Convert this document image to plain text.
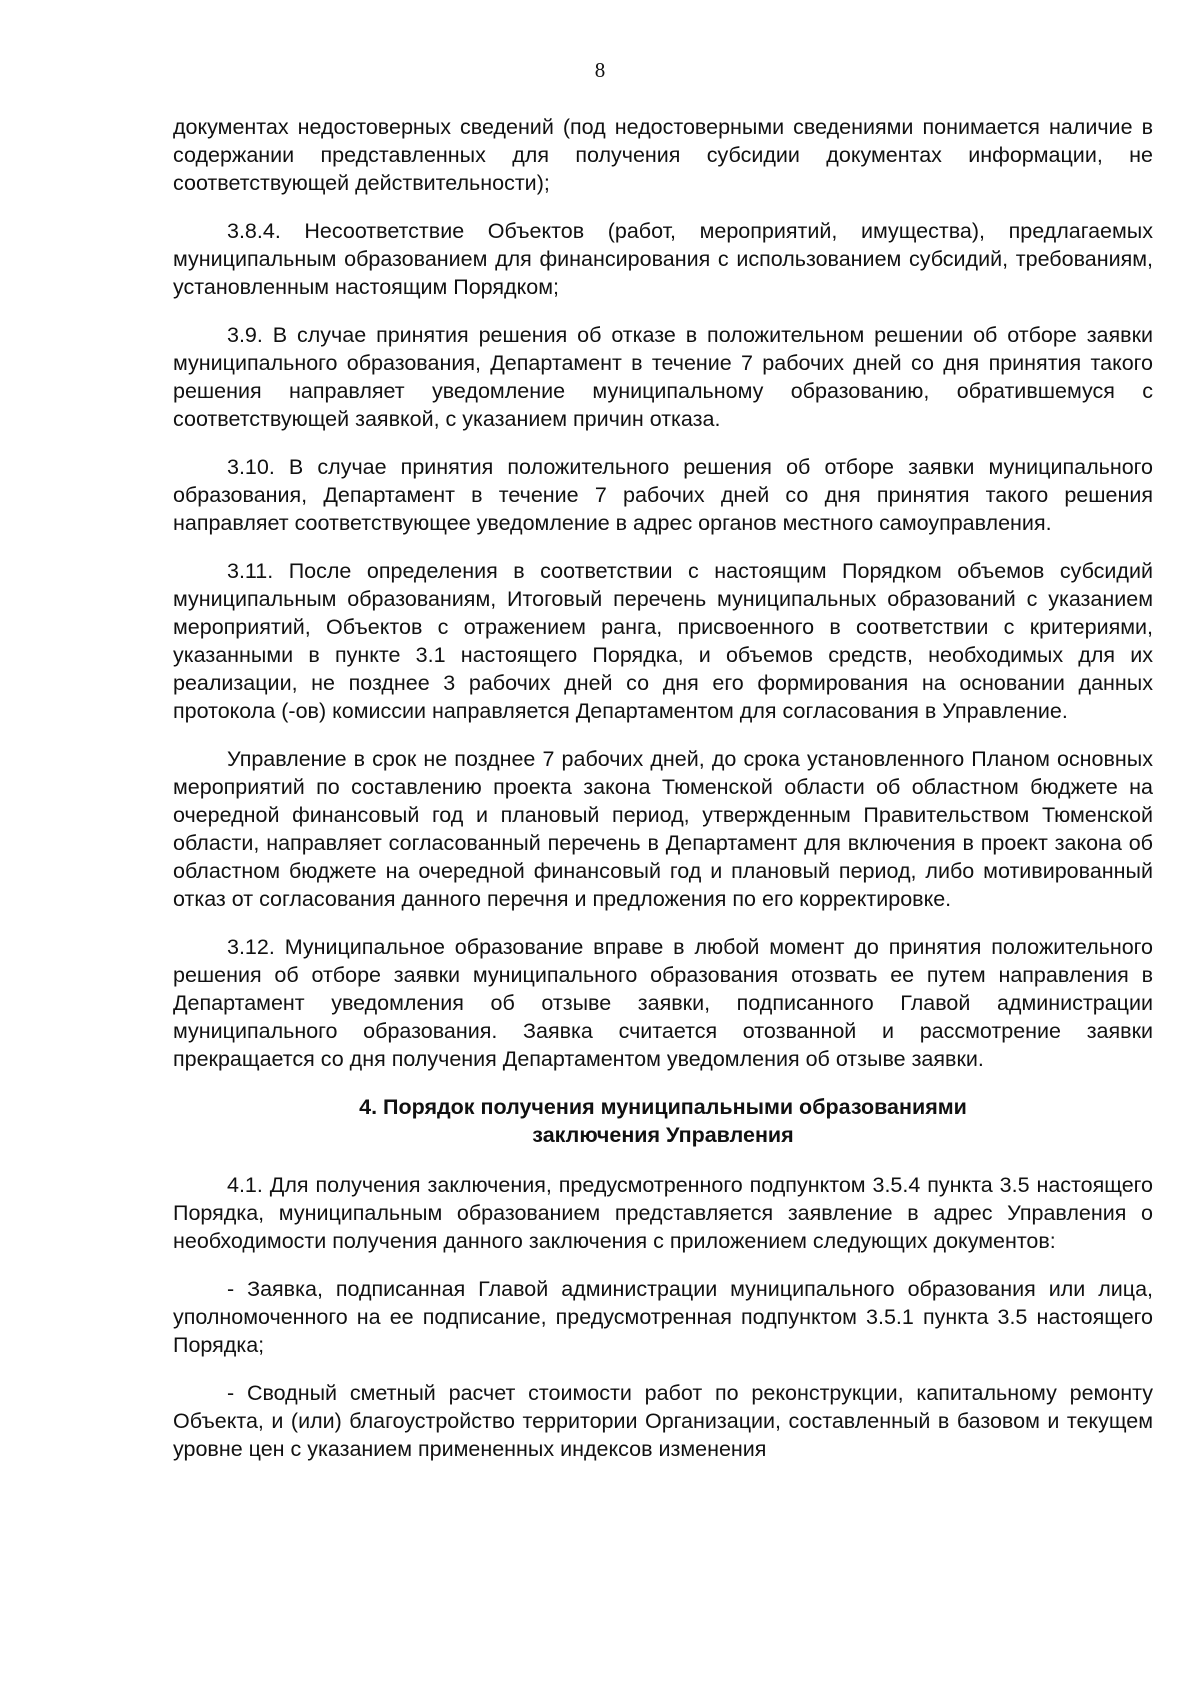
8

документах недостоверных сведений (под недостоверными сведениями понимается наличие в содержании представленных для получения субсидии документах информации, не соответствующей действительности);

3.8.4. Несоответствие Объектов (работ, мероприятий, имущества), предлагаемых муниципальным образованием для финансирования с использованием субсидий, требованиям, установленным настоящим Порядком;

3.9. В случае принятия решения об отказе в положительном решении об отборе заявки муниципального образования, Департамент в течение 7 рабочих дней со дня принятия такого решения направляет уведомление муниципальному образованию, обратившемуся с соответствующей заявкой, с указанием причин отказа.

3.10. В случае принятия положительного решения об отборе заявки муниципального образования, Департамент в течение 7 рабочих дней со дня принятия такого решения направляет соответствующее уведомление в адрес органов местного самоуправления.

3.11. После определения в соответствии с настоящим Порядком объемов субсидий муниципальным образованиям, Итоговый перечень муниципальных образований с указанием мероприятий, Объектов с отражением ранга, присвоенного в соответствии с критериями, указанными в пункте 3.1 настоящего Порядка, и объемов средств, необходимых для их реализации, не позднее 3 рабочих дней со дня его формирования на основании данных протокола (-ов) комиссии направляется Департаментом для согласования в Управление.

Управление в срок не позднее 7 рабочих дней, до срока установленного Планом основных мероприятий по составлению проекта закона Тюменской области об областном бюджете на очередной финансовый год и плановый период, утвержденным Правительством Тюменской области, направляет согласованный перечень в Департамент для включения в проект закона об областном бюджете на очередной финансовый год и плановый период, либо мотивированный отказ от согласования данного перечня и предложения по его корректировке.

3.12. Муниципальное образование вправе в любой момент до принятия положительного решения об отборе заявки муниципального образования отозвать ее путем направления в Департамент уведомления об отзыве заявки, подписанного Главой администрации муниципального образования. Заявка считается отозванной и рассмотрение заявки прекращается со дня получения Департаментом уведомления об отзыве заявки.

4. Порядок получения муниципальными образованиями
заключения Управления

4.1. Для получения заключения, предусмотренного подпунктом 3.5.4 пункта 3.5 настоящего Порядка, муниципальным образованием представляется заявление в адрес Управления о необходимости получения данного заключения с приложением следующих документов:

- Заявка, подписанная Главой администрации муниципального образования или лица, уполномоченного на ее подписание, предусмотренная подпунктом 3.5.1 пункта 3.5 настоящего Порядка;

- Сводный сметный расчет стоимости работ по реконструкции, капитальному ремонту Объекта, и (или) благоустройство территории Организации, составленный в базовом и текущем уровне цен с указанием примененных индексов изменения
